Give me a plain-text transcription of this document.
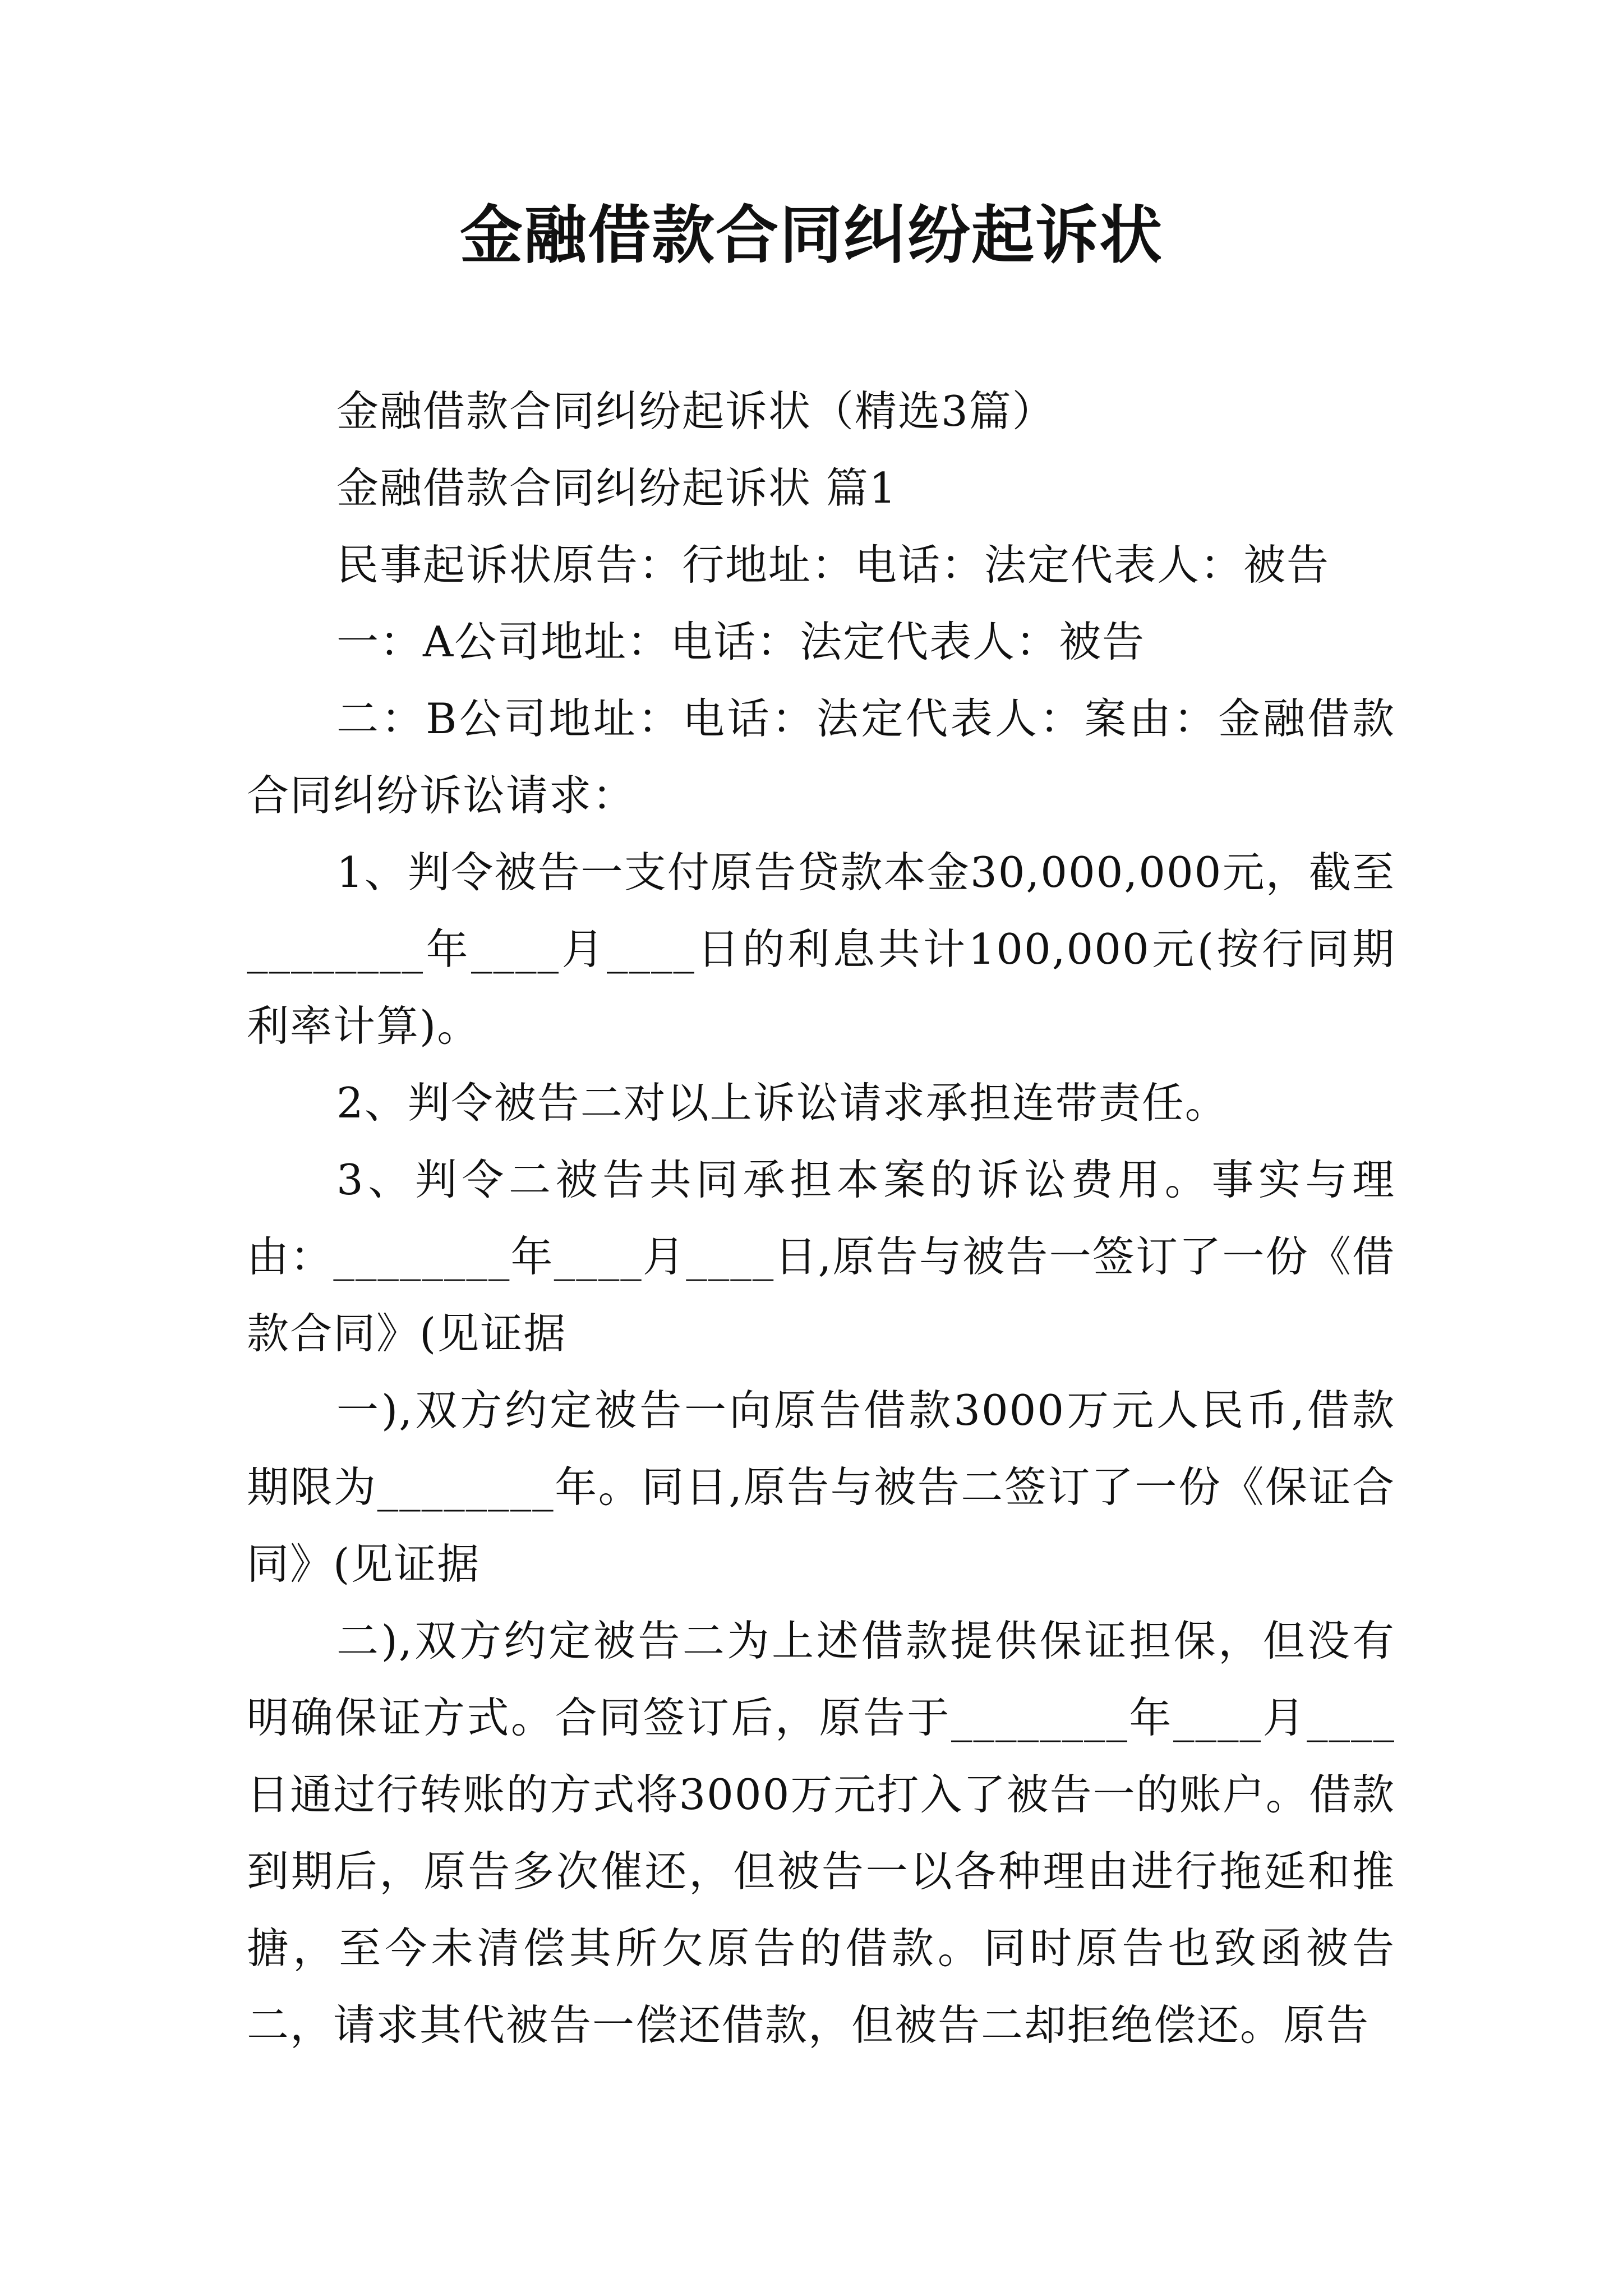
金融借款合同纠纷起诉状

金融借款合同纠纷起诉状（精选3篇）

金融借款合同纠纷起诉状 篇1

民事起诉状原告：行地址：电话：法定代表人：被告

一：A公司地址：电话：法定代表人：被告

二：B公司地址：电话：法定代表人：案由：金融借款合同纠纷诉讼请求：

1、判令被告一支付原告贷款本金30,000,000元，截至________年____月____日的利息共计100,000元(按行同期利率计算)。

2、判令被告二对以上诉讼请求承担连带责任。

3、判令二被告共同承担本案的诉讼费用。事实与理由：________年____月____日,原告与被告一签订了一份《借款合同》(见证据

一),双方约定被告一向原告借款3000万元人民币,借款期限为________年。同日,原告与被告二签订了一份《保证合同》(见证据

二),双方约定被告二为上述借款提供保证担保，但没有明确保证方式。合同签订后，原告于________年____月____日通过行转账的方式将3000万元打入了被告一的账户。借款到期后，原告多次催还，但被告一以各种理由进行拖延和推搪，至今未清偿其所欠原告的借款。同时原告也致函被告二，请求其代被告一偿还借款，但被告二却拒绝偿还。原告
